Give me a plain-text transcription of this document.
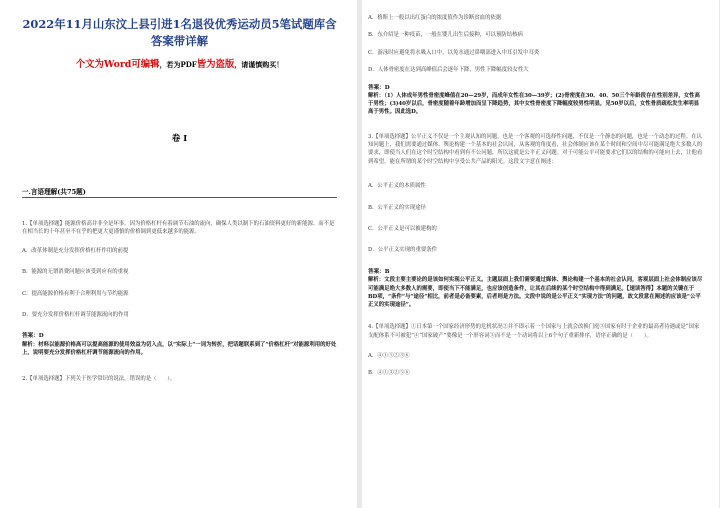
2022年11月山东汶上县引进1名退役优秀运动员5笔试题库含答案带详解
个文为Word可编辑，若为PDF皆为盗版，请谨慎购买！
卷 I
一.言语理解(共75题)
1.【单项选择题】能源价格高并非全是坏事，因为价格杠杆有着调节石油的流向，确保人类以制下的石油资料更好的新能源。而不是在相当长的十年甚至不在乎的把更大更谨慎的价格调到更低来越多的能源。
A．改革体制是充分发挥价格杠杆作用的前提
B．能源的无谓消费问题应该受到应有的重视
C．提高能源价格有利于合理利用与节约能源
D．要充分发挥价格杠杆调节能源流向的作用
答案：D
解析：材料以能源价格高可以提高能源的使用效益为切入点，以“实际上”一词为转折，把话题联系到了“价格杠杆”对能源利用的好处上，说明要充分发挥价格杠杆调节能源流向的作用。
2.【单项选择题】下列关于医学常识的说法，错误的是（　　）。
A．格斯上一般以出红蛋白的浓度值作为诊断贫血的依据
B．东介绍是一种疫苗，一般在婴儿出生后接种，可以预防结核病
C．游泳时应避免将水吸入口中，以免水通过鼻咽部进入中耳引发中耳炎
D．人体骨密度在达到高峰值后会逐年下降，男性下降幅度较女性大
答案：D
解析：（1）人体成年男性骨密度峰值在20—29岁，而成年女性在30—39岁；(2)骨密度在30、40、50三个年龄段存在性别差异，女性高于男性；(3)40岁以后，骨密度随着年龄增加而呈下降趋势，其中女性骨密度下降幅度较男性明显，见50岁以后，女性骨质疏松发生率明显高于男性。因此选D。
3.【单项选择题】公平正义不仅是一个主观认知的问题，也是一个客观的可选择性问题，不仅是一个静态的问题，也是一个动态的过程。在认知问题上，我们需要通过媒体、舆论构建一个基本的社会认同，从客观的角度看，社会体制应该在某个时间和空间中尽可能满足绝大多数人的要求，即使当人们在这个时空结构中看到有不公问题，所以这就是公平正义问题。对于可能公平可能要求它们以的结构的可能向上去，让他看到希望，能在所谓的某个时空结构中享受公共产品的阳光。这段文字意在阐述：
A．公平正义的本质属性
B．公平正义的实现途径
C．公平正义是可以被建构的
D．公平正义实现的重要条件
答案：B
解析：文段主要主要论的是该如何实现公平正义。主题层面上我们需要通过媒体、舆论构建一个基本的社会认同，客观层面上社会体制应该尽可能满足绝大多数人的需要，即使当下不能满足，也应该创造条件，让其在后续的某个时空结构中得到满足。【速读答得】本题的关键在于BD项，“条件”与“途径”相比，前者是必备要素，后者则是方法。文段中说的是公平正义“实现方法”的问题，故文段意在阐述的应该是“公平正义的实现途径”。
4.【单项选择题】①日本第一个国家经济形势的危机状况②并不即示着一个国家与上就会改换门庭③国家有时于企业的最高者待遇或是“国家支配体系不可被犯”④“国家破产”要像是一个形容词③而不是一个动词将以上6个句子重新排序，语序正确的是（　　）。
A．④①⑤②③⑥
B．④①③②⑤⑥
